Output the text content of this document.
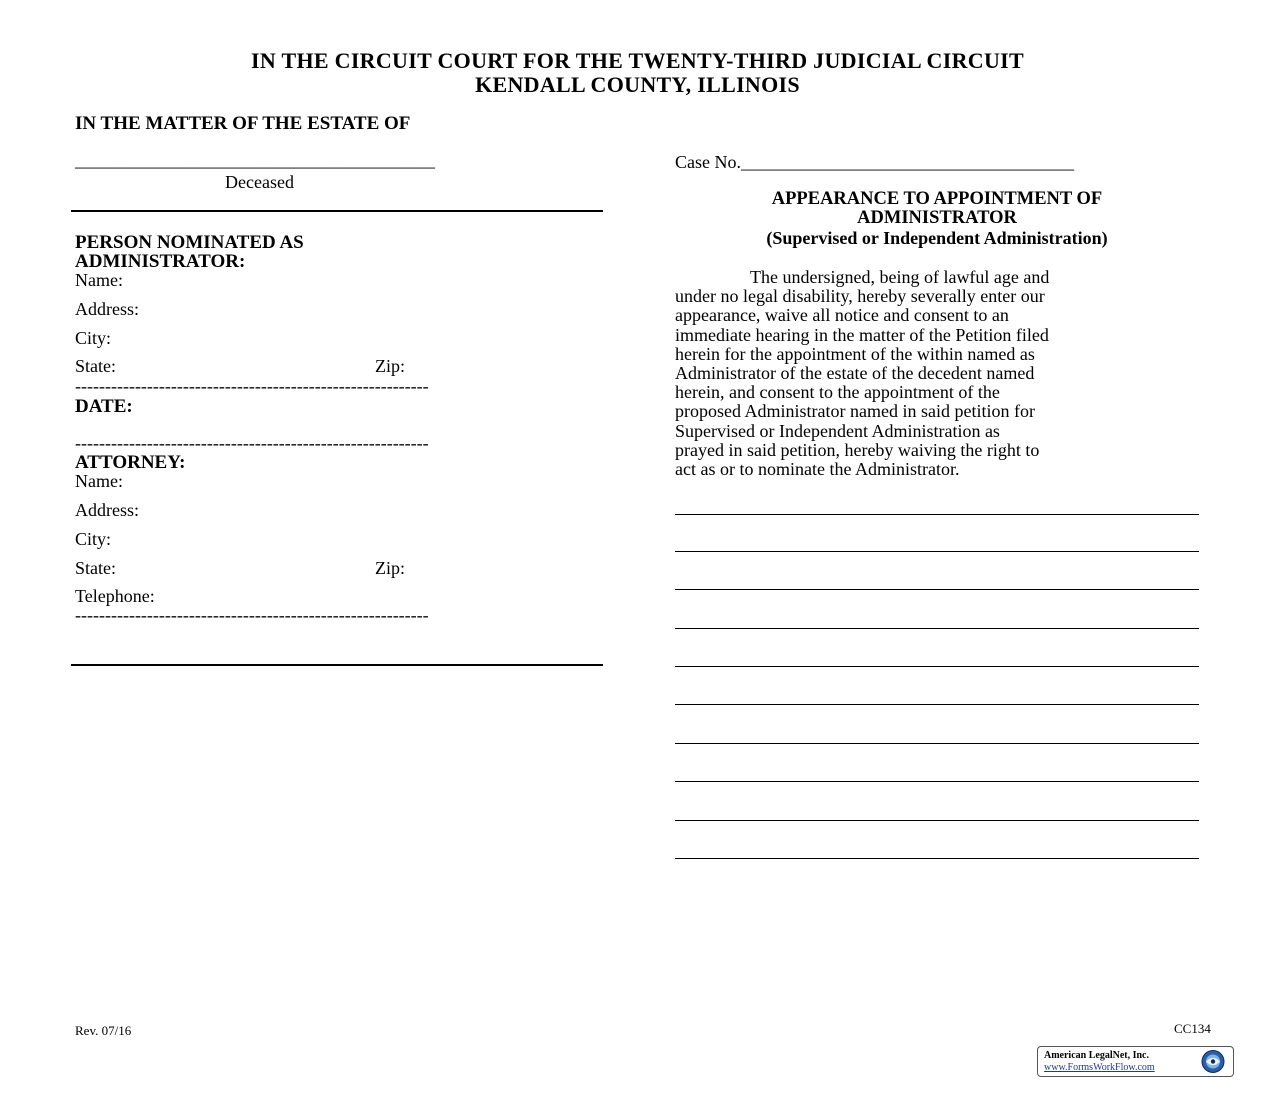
IN THE CIRCUIT COURT FOR THE TWENTY-THIRD JUDICIAL CIRCUIT
KENDALL COUNTY, ILLINOIS
IN THE MATTER OF THE ESTATE OF
________________________________________
Deceased
PERSON NOMINATED AS
ADMINISTRATOR:
Name:
Address:
City:
State:	Zip:
-----------------------------------------------------------
DATE:
-----------------------------------------------------------
ATTORNEY:
Name:
Address:
City:
State:	Zip:
Telephone:
-----------------------------------------------------------
Case No._____________________________________
APPEARANCE TO APPOINTMENT OF
ADMINISTRATOR
(Supervised or Independent Administration)
The undersigned, being of lawful age and
under no legal disability, hereby severally enter our
appearance, waive all notice and consent to an
immediate hearing in the matter of the Petition filed
herein for the appointment of the within named as
Administrator of the estate of the decedent named
herein, and consent to the appointment of the
proposed Administrator named in said petition for
Supervised or Independent Administration as
prayed in said petition, hereby waiving the right to
act as or to nominate the Administrator.
Rev. 07/16	CC134
American LegalNet, Inc.
www.FormsWorkFlow.com
